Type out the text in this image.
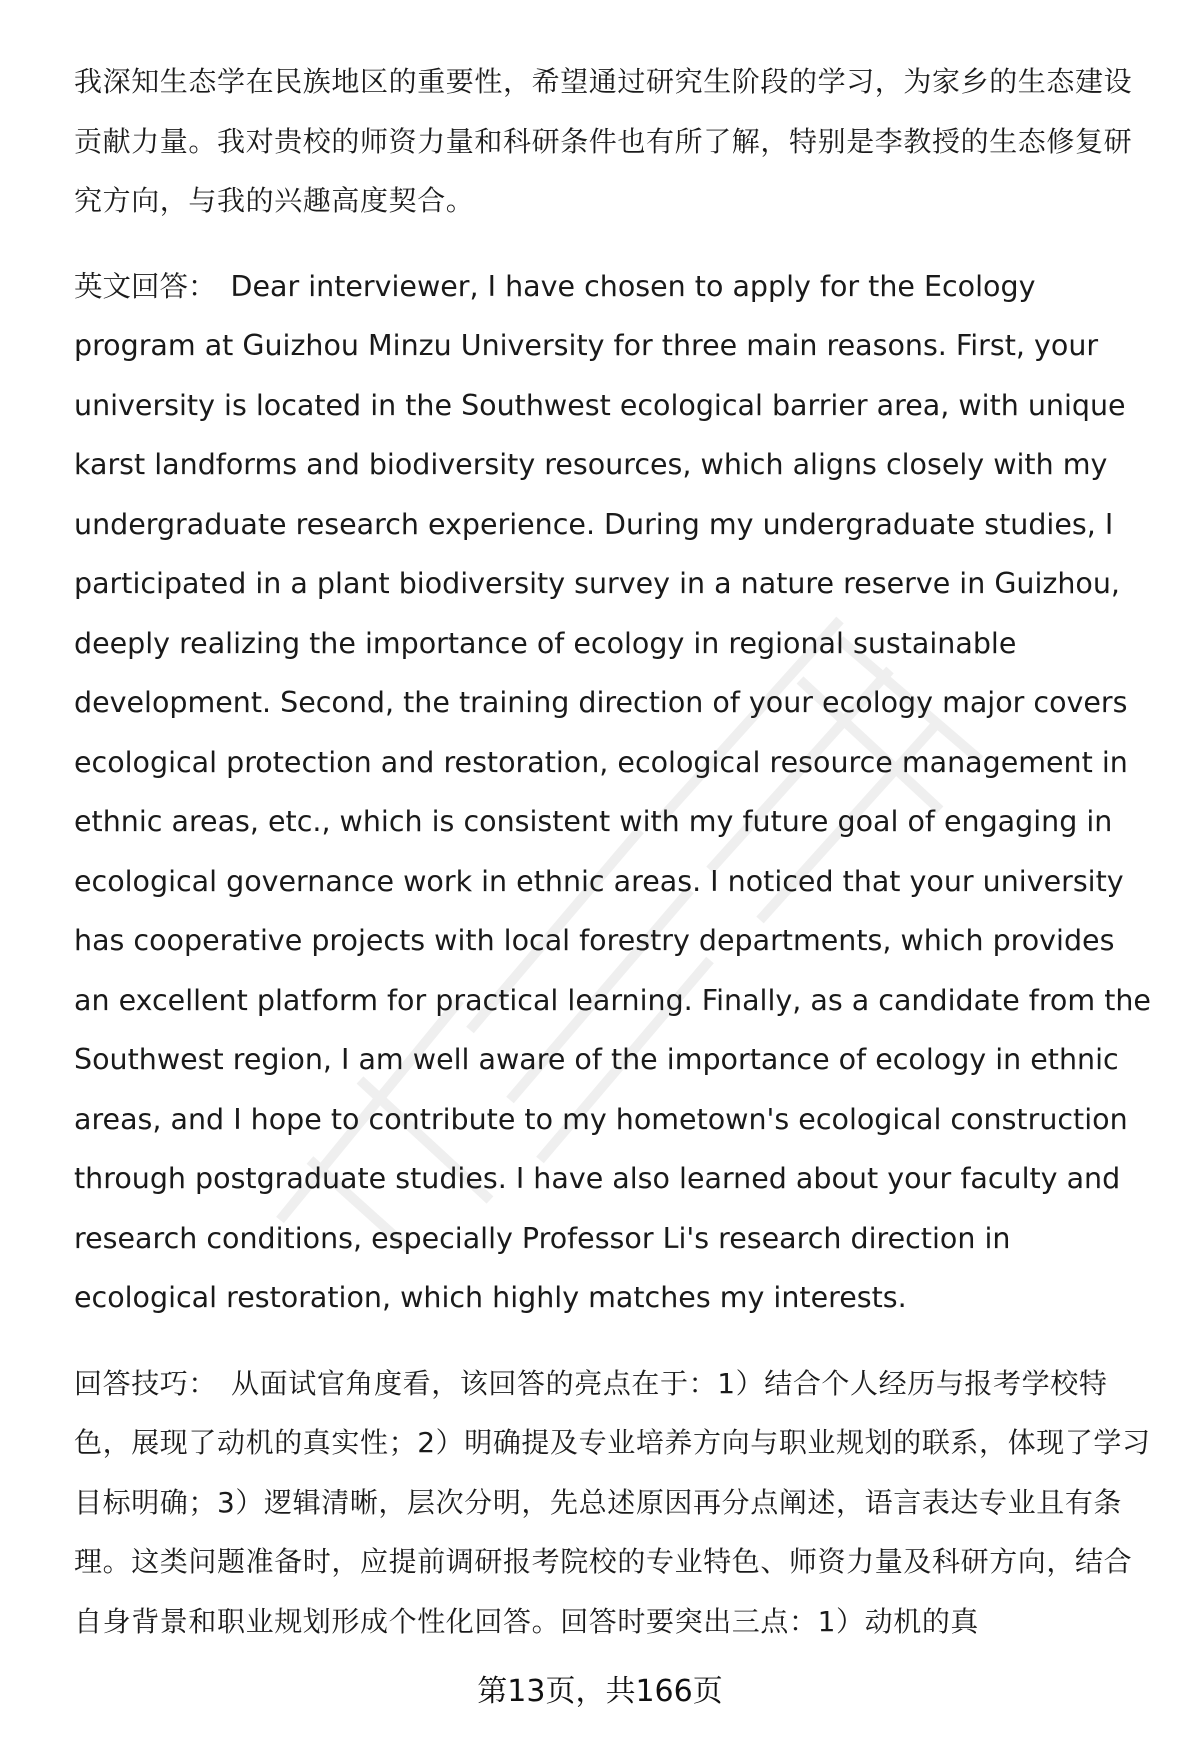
我深知生态学在民族地区的重要性，希望通过研究生阶段的学习，为家乡的生态建设贡献力量。我对贵校的师资力量和科研条件也有所了解，特别是李教授的生态修复研究方向，与我的兴趣高度契合。

英文回答： Dear interviewer, I have chosen to apply for the Ecology program at Guizhou Minzu University for three main reasons. First, your university is located in the Southwest ecological barrier area, with unique karst landforms and biodiversity resources, which aligns closely with my undergraduate research experience. During my undergraduate studies, I participated in a plant biodiversity survey in a nature reserve in Guizhou, deeply realizing the importance of ecology in regional sustainable development. Second, the training direction of your ecology major covers ecological protection and restoration, ecological resource management in ethnic areas, etc., which is consistent with my future goal of engaging in ecological governance work in ethnic areas. I noticed that your university has cooperative projects with local forestry departments, which provides an excellent platform for practical learning. Finally, as a candidate from the Southwest region, I am well aware of the importance of ecology in ethnic areas, and I hope to contribute to my hometown's ecological construction through postgraduate studies. I have also learned about your faculty and research conditions, especially Professor Li's research direction in ecological restoration, which highly matches my interests.

回答技巧： 从面试官角度看，该回答的亮点在于：1）结合个人经历与报考学校特色，展现了动机的真实性；2）明确提及专业培养方向与职业规划的联系，体现了学习目标明确；3）逻辑清晰，层次分明，先总述原因再分点阐述，语言表达专业且有条理。这类问题准备时，应提前调研报考院校的专业特色、师资力量及科研方向，结合自身背景和职业规划形成个性化回答。回答时要突出三点：1）动机的真

第13页，共166页
